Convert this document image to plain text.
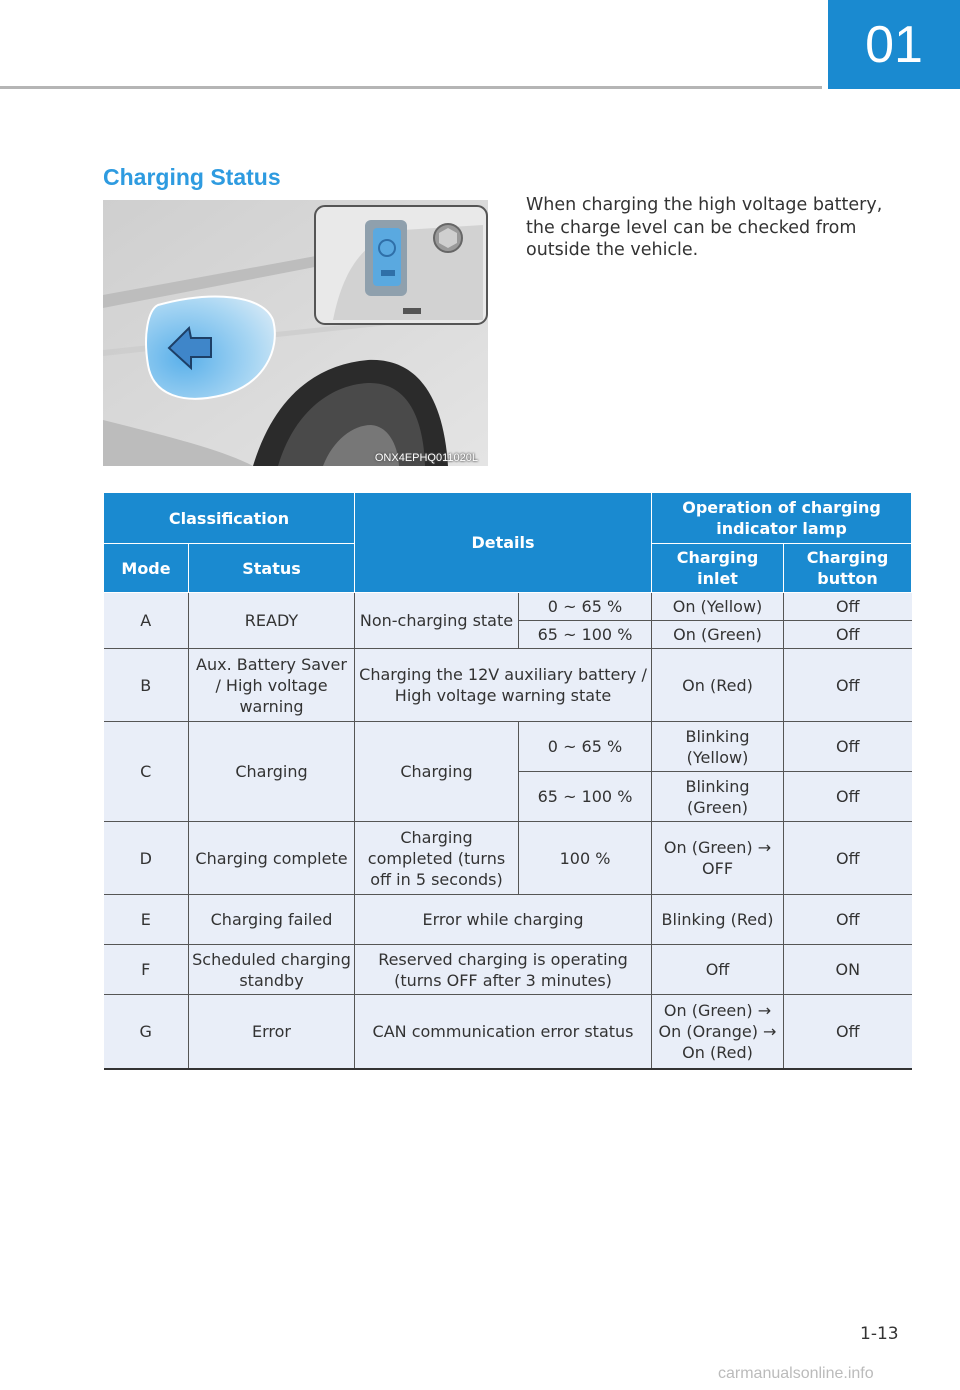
01
Charging Status
ONX4EPHQ011020L

When charging the high voltage battery, the charge level can be checked from outside the vehicle.

Classification		Details		Operation of charging indicator lamp	
Mode	Status			Charging inlet	Charging button
A	READY	Non-charging state	0 ~ 65 %	On (Yellow)	Off
			65 ~ 100 %	On (Green)	Off
B	Aux. Battery Saver / High voltage warning	Charging the 12V auxiliary battery / High voltage warning state		On (Red)	Off
C	Charging	Charging	0 ~ 65 %	Blinking (Yellow)	Off
			65 ~ 100 %	Blinking (Green)	Off
D	Charging complete	Charging completed (turns off in 5 seconds)	100 %	On (Green) → OFF	Off
E	Charging failed	Error while charging		Blinking (Red)	Off
F	Scheduled charging standby	Reserved charging is operating (turns OFF after 3 minutes)		Off	ON
G	Error	CAN communication error status		On (Green) → On (Orange) → On (Red)	Off
1-13
carmanualsonline.info
